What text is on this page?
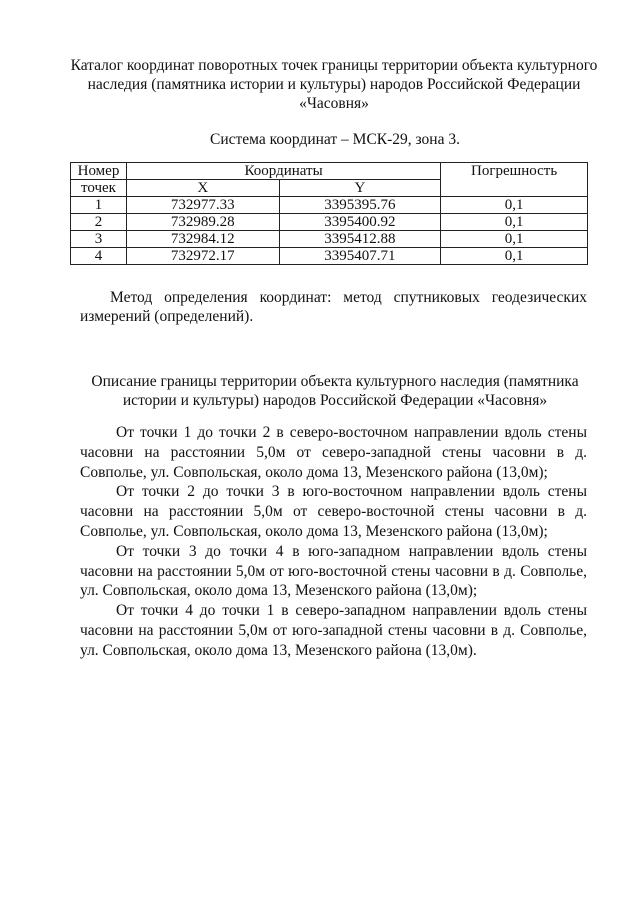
Каталог координат поворотных точек границы территории объекта культурного наследия (памятника истории и культуры) народов Российской Федерации «Часовня»
Система координат – МСК-29, зона 3.
Номер	Координаты		Погрешность
точек	X	Y	
1	732977.33	3395395.76	0,1
2	732989.28	3395400.92	0,1
3	732984.12	3395412.88	0,1
4	732972.17	3395407.71	0,1
Метод определения координат: метод спутниковых геодезических измерений (определений).
Описание границы территории объекта культурного наследия (памятника истории и культуры) народов Российской Федерации «Часовня»

От точки 1 до точки 2 в северо-восточном направлении вдоль стены часовни на расстоянии 5,0м от северо-западной стены часовни в д. Совполье, ул. Совпольская, около дома 13, Мезенского района (13,0м);

От точки 2 до точки 3 в юго-восточном направлении вдоль стены часовни на расстоянии 5,0м от северо-восточной стены часовни в д. Совполье, ул. Совпольская, около дома 13, Мезенского района (13,0м);

От точки 3 до точки 4 в юго-западном направлении вдоль стены часовни на расстоянии 5,0м от юго-восточной стены часовни в д. Совполье, ул. Совпольская, около дома 13, Мезенского района (13,0м);

От точки 4 до точки 1 в северо-западном направлении вдоль стены часовни на расстоянии 5,0м от юго-западной стены часовни в д. Совполье, ул. Совпольская, около дома 13, Мезенского района (13,0м).
